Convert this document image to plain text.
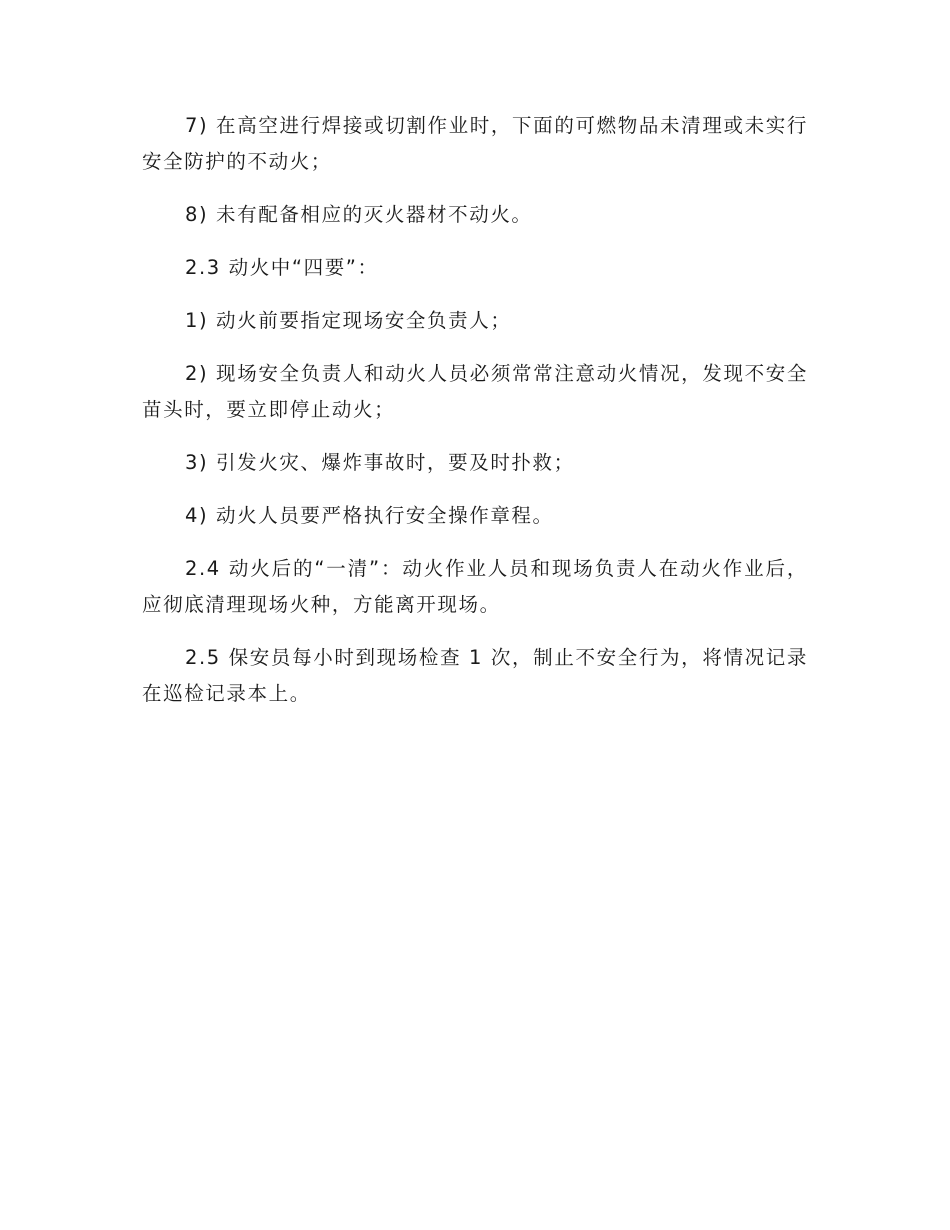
7) 在高空进行焊接或切割作业时，下面的可燃物品未清理或未实行安全防护的不动火；

8) 未有配备相应的灭火器材不动火。

2.3 动火中“四要”：

1) 动火前要指定现场安全负责人；

2) 现场安全负责人和动火人员必须常常注意动火情况，发现不安全苗头时，要立即停止动火；

3) 引发火灾、爆炸事故时，要及时扑救；

4) 动火人员要严格执行安全操作章程。

2.4 动火后的“一清”：动火作业人员和现场负责人在动火作业后，应彻底清理现场火种，方能离开现场。

2.5 保安员每小时到现场检查 1 次，制止不安全行为，将情况记录在巡检记录本上。
